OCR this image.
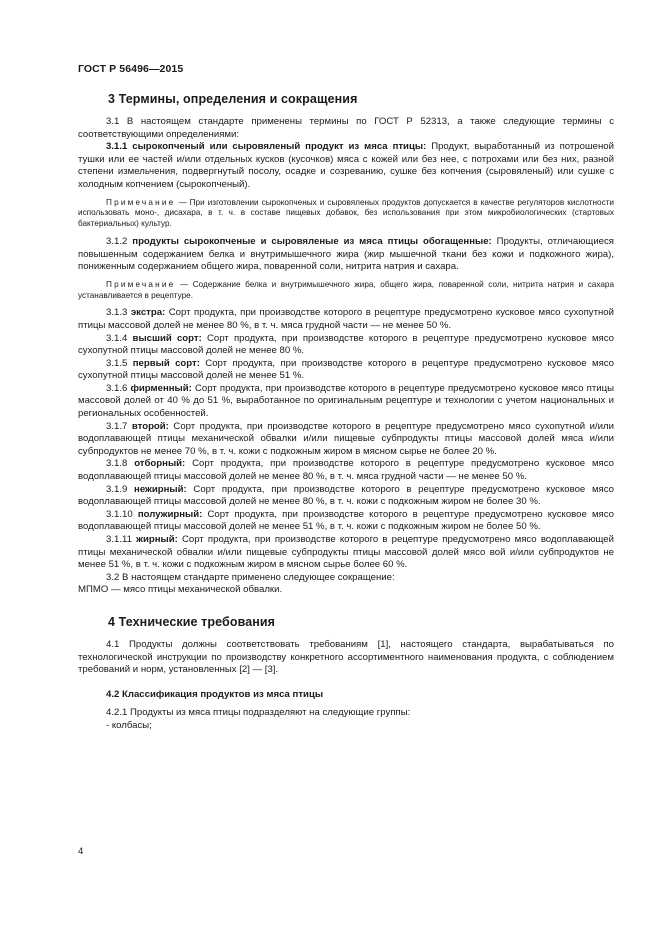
ГОСТ Р 56496—2015
3 Термины, определения и сокращения

3.1 В настоящем стандарте применены термины по ГОСТ Р 52313, а также следующие термины с соответствующими определениями:

3.1.1 сырокопченый или сыровяленый продукт из мяса птицы: Продукт, выработанный из потрошеной тушки или ее частей и/или отдельных кусков (кусочков) мяса с кожей или без нее, с потрохами или без них, разной степени измельчения, подвергнутый посолу, осадке и созреванию, сушке без копчения (сыровяленый) или сушке с холодным копчением (сырокопченый).

Примечание — При изготовлении сырокопченых и сыровяленых продуктов допускается в качестве регуляторов кислотности использовать моно-, дисахара, в т. ч. в составе пищевых добавок, без использования при этом микробиологических (стартовых бактериальных) культур.

3.1.2 продукты сырокопченые и сыровяленые из мяса птицы обогащенные: Продукты, отличающиеся повышенным содержанием белка и внутримышечного жира (жир мышечной ткани без кожи и подкожного жира), пониженным содержанием общего жира, поваренной соли, нитрита натрия и сахара.

Примечание — Содержание белка и внутримышечного жира, общего жира, поваренной соли, нитрита натрия и сахара устанавливается в рецептуре.

3.1.3 экстра: Сорт продукта, при производстве которого в рецептуре предусмотрено кусковое мясо сухопутной птицы массовой долей не менее 80 %, в т. ч. мяса грудной части — не менее 50 %.

3.1.4 высший сорт: Сорт продукта, при производстве которого в рецептуре предусмотрено кусковое мясо сухопутной птицы массовой долей не менее 80 %.

3.1.5 первый сорт: Сорт продукта, при производстве которого в рецептуре предусмотрено кусковое мясо сухопутной птицы массовой долей не менее 51 %.

3.1.6 фирменный: Сорт продукта, при производстве которого в рецептуре предусмотрено кусковое мясо птицы массовой долей от 40 % до 51 %, выработанное по оригинальным рецептуре и технологии с учетом национальных и региональных особенностей.

3.1.7 второй: Сорт продукта, при производстве которого в рецептуре предусмотрено мясо сухопутной и/или водоплавающей птицы механической обвалки и/или пищевые субпродукты птицы массовой долей мяса и/или субпродуктов не менее 70 %, в т. ч. кожи с подкожным жиром в мясном сырье не более 20 %.

3.1.8 отборный: Сорт продукта, при производстве которого в рецептуре предусмотрено кусковое мясо водоплавающей птицы массовой долей не менее 80 %, в т. ч. мяса грудной части — не менее 50 %.

3.1.9 нежирный: Сорт продукта, при производстве которого в рецептуре предусмотрено кусковое мясо водоплавающей птицы массовой долей не менее 80 %, в т. ч. кожи с подкожным жиром не более 30 %.

3.1.10 полужирный: Сорт продукта, при производстве которого в рецептуре предусмотрено кусковое мясо водоплавающей птицы массовой долей не менее 51 %, в т. ч. кожи с подкожным жиром не более 50 %.

3.1.11 жирный: Сорт продукта, при производстве которого в рецептуре предусмотрено мясо водоплавающей птицы механической обвалки и/или пищевые субпродукты птицы массовой долей мясо вой и/или субпродуктов не менее 51 %, в т. ч. кожи с подкожным жиром в мясном сырье более 60 %.

3.2 В настоящем стандарте применено следующее сокращение:

МПМО — мясо птицы механической обвалки.

4 Технические требования

4.1 Продукты должны соответствовать требованиям [1], настоящего стандарта, вырабатываться по технологической инструкции по производству конкретного ассортиментного наименования продукта, с соблюдением требований и норм, установленных [2] — [3].

4.2 Классификация продуктов из мяса птицы

4.2.1 Продукты из мяса птицы подразделяют на следующие группы:

- колбасы;

4
